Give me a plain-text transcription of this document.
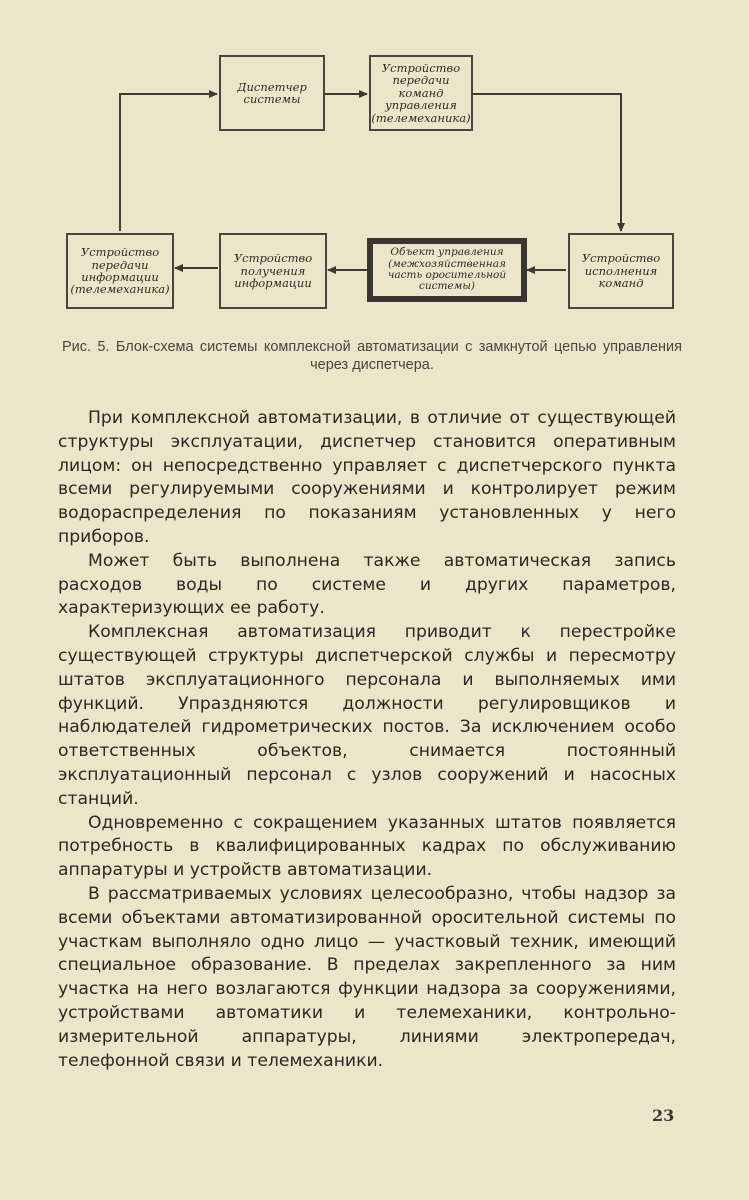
Диспетчер
системы
Устройство
передачи
команд
управления
(телемеханика)
Устройство
исполнения
команд
Объект управления
(межхозяйственная
часть оросительной
системы)
Устройство
получения
информации
Устройство
передачи
информации
(телемеханика)
Рис. 5. Блок-схема системы комплексной автоматизации с замкнутой цепью управления через диспетчера.

При комплексной автоматизации, в отличие от существующей структуры эксплуатации, диспетчер становится оперативным лицом: он непосредственно управляет с диспетчерского пункта всеми регулируемыми сооружениями и контролирует режим водораспределения по показаниям установленных у него приборов.

Может быть выполнена также автоматическая запись расходов воды по системе и других параметров, характеризующих ее работу.

Комплексная автоматизация приводит к перестройке существующей структуры диспетчерской службы и пересмотру штатов эксплуатационного персонала и выполняемых ими функций. Упраздняются должности регулировщиков и наблюдателей гидрометрических постов. За исключением особо ответственных объектов, снимается постоянный эксплуатационный персонал с узлов сооружений и насосных станций.

Одновременно с сокращением указанных штатов появляется потребность в квалифицированных кадрах по обслуживанию аппаратуры и устройств автоматизации.

В рассматриваемых условиях целесообразно, чтобы надзор за всеми объектами автоматизированной оросительной системы по участкам выполняло одно лицо — участковый техник, имеющий специальное образование. В пределах закрепленного за ним участка на него возлагаются функции надзора за сооружениями, устройствами автоматики и телемеханики, контрольно-измерительной аппаратуры, линиями электропередач, телефонной связи и телемеханики.

23
